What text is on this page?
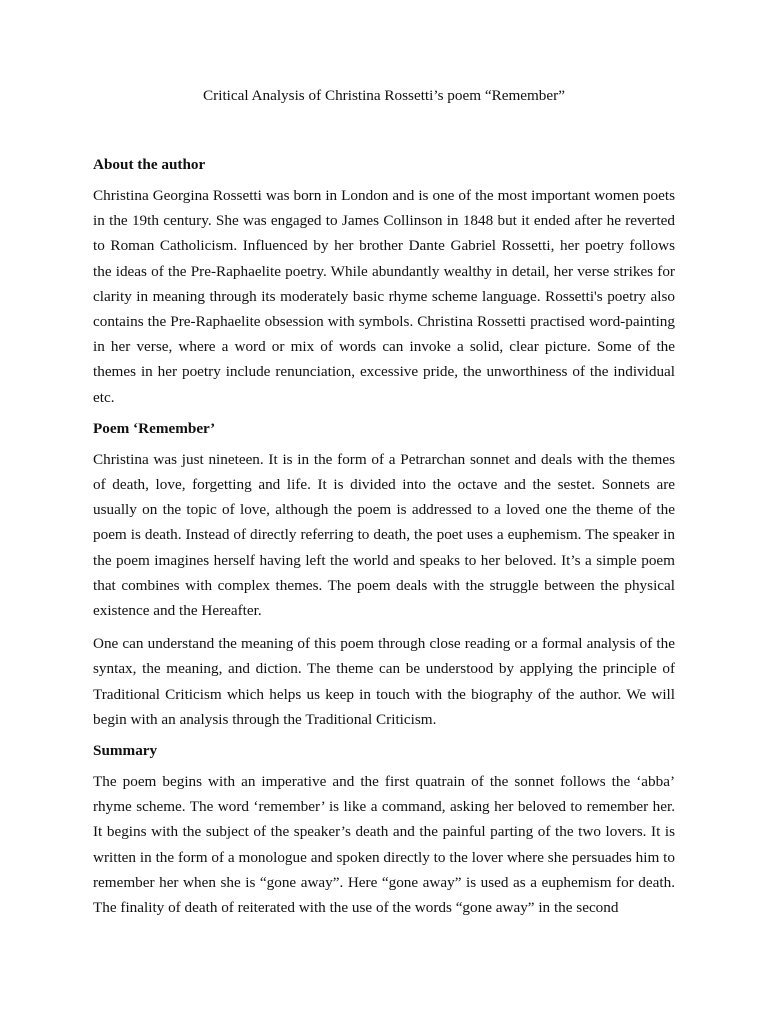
Critical Analysis of Christina Rossetti’s poem “Remember”
About the author

Christina Georgina Rossetti was born in London and is one of the most important women poets in the 19th century. She was engaged to James Collinson in 1848 but it ended after he reverted to Roman Catholicism. Influenced by her brother Dante Gabriel Rossetti, her poetry follows the ideas of the Pre-Raphaelite poetry. While abundantly wealthy in detail, her verse strikes for clarity in meaning through its moderately basic rhyme scheme language. Rossetti's poetry also contains the Pre-Raphaelite obsession with symbols. Christina Rossetti practised word-painting in her verse, where a word or mix of words can invoke a solid, clear picture. Some of the themes in her poetry include renunciation, excessive pride, the unworthiness of the individual etc.

Poem ‘Remember’

Christina was just nineteen. It is in the form of a Petrarchan sonnet and deals with the themes of death, love, forgetting and life. It is divided into the octave and the sestet. Sonnets are usually on the topic of love, although the poem is addressed to a loved one the theme of the poem is death. Instead of directly referring to death, the poet uses a euphemism. The speaker in the poem imagines herself having left the world and speaks to her beloved. It’s a simple poem that combines with complex themes. The poem deals with the struggle between the physical existence and the Hereafter.

One can understand the meaning of this poem through close reading or a formal analysis of the syntax, the meaning, and diction. The theme can be understood by applying the principle of Traditional Criticism which helps us keep in touch with the biography of the author. We will begin with an analysis through the Traditional Criticism.

Summary

The poem begins with an imperative and the first quatrain of the sonnet follows the ‘abba’ rhyme scheme. The word ‘remember’ is like a command, asking her beloved to remember her. It begins with the subject of the speaker’s death and the painful parting of the two lovers. It is written in the form of a monologue and spoken directly to the lover where she persuades him to remember her when she is “gone away”. Here “gone away” is used as a euphemism for death. The finality of death of reiterated with the use of the words “gone away” in the second
